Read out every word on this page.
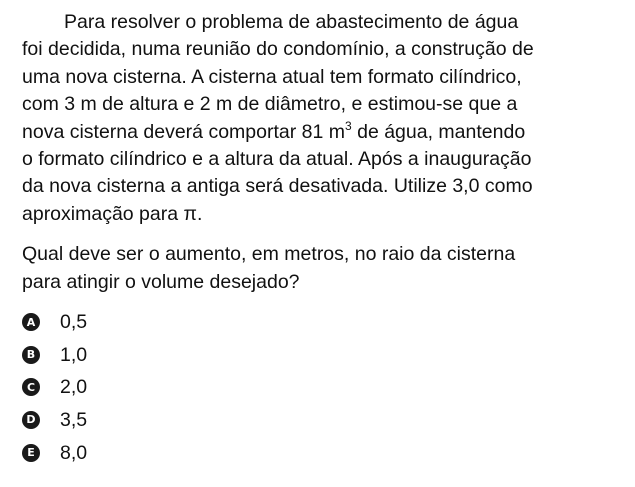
Para resolver o problema de abastecimento de água
foi decidida, numa reunião do condomínio, a construção de
uma nova cisterna. A cisterna atual tem formato cilíndrico,
com 3 m de altura e 2 m de diâmetro, e estimou-se que a
nova cisterna deverá comportar 81 $m^3$ de água, mantendo
o formato cilíndrico e a altura da atual. Após a inauguração
da nova cisterna a antiga será desativada. Utilize 3,0 como
aproximação para π.
Qual deve ser o aumento, em metros, no raio da cisterna
para atingir o volume desejado?
A 0,5
B 1,0
C 2,0
D 3,5
E 8,0
